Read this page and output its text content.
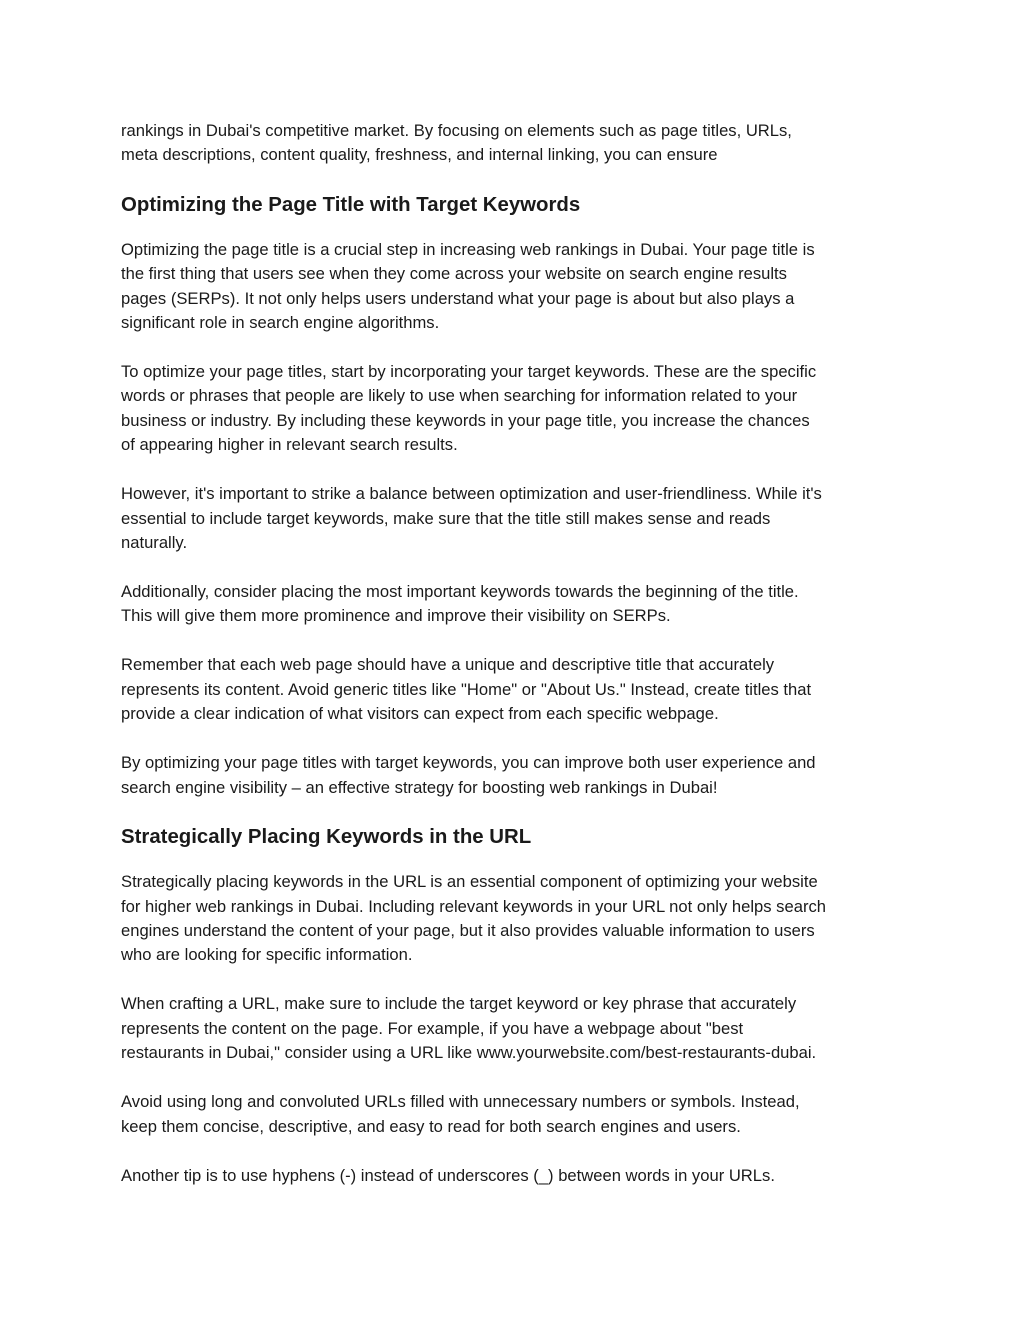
rankings in Dubai's competitive market. By focusing on elements such as page titles, URLs,
meta descriptions, content quality, freshness, and internal linking, you can ensure

Optimizing the Page Title with Target Keywords

Optimizing the page title is a crucial step in increasing web rankings in Dubai. Your page title is
the first thing that users see when they come across your website on search engine results
pages (SERPs). It not only helps users understand what your page is about but also plays a
significant role in search engine algorithms.

To optimize your page titles, start by incorporating your target keywords. These are the specific
words or phrases that people are likely to use when searching for information related to your
business or industry. By including these keywords in your page title, you increase the chances
of appearing higher in relevant search results.

However, it's important to strike a balance between optimization and user-friendliness. While it's
essential to include target keywords, make sure that the title still makes sense and reads
naturally.

Additionally, consider placing the most important keywords towards the beginning of the title.
This will give them more prominence and improve their visibility on SERPs.

Remember that each web page should have a unique and descriptive title that accurately
represents its content. Avoid generic titles like "Home" or "About Us." Instead, create titles that
provide a clear indication of what visitors can expect from each specific webpage.

By optimizing your page titles with target keywords, you can improve both user experience and
search engine visibility – an effective strategy for boosting web rankings in Dubai!

Strategically Placing Keywords in the URL

Strategically placing keywords in the URL is an essential component of optimizing your website
for higher web rankings in Dubai. Including relevant keywords in your URL not only helps search
engines understand the content of your page, but it also provides valuable information to users
who are looking for specific information.

When crafting a URL, make sure to include the target keyword or key phrase that accurately
represents the content on the page. For example, if you have a webpage about "best
restaurants in Dubai," consider using a URL like www.yourwebsite.com/best-restaurants-dubai.

Avoid using long and convoluted URLs filled with unnecessary numbers or symbols. Instead,
keep them concise, descriptive, and easy to read for both search engines and users.

Another tip is to use hyphens (-) instead of underscores (_) between words in your URLs.
